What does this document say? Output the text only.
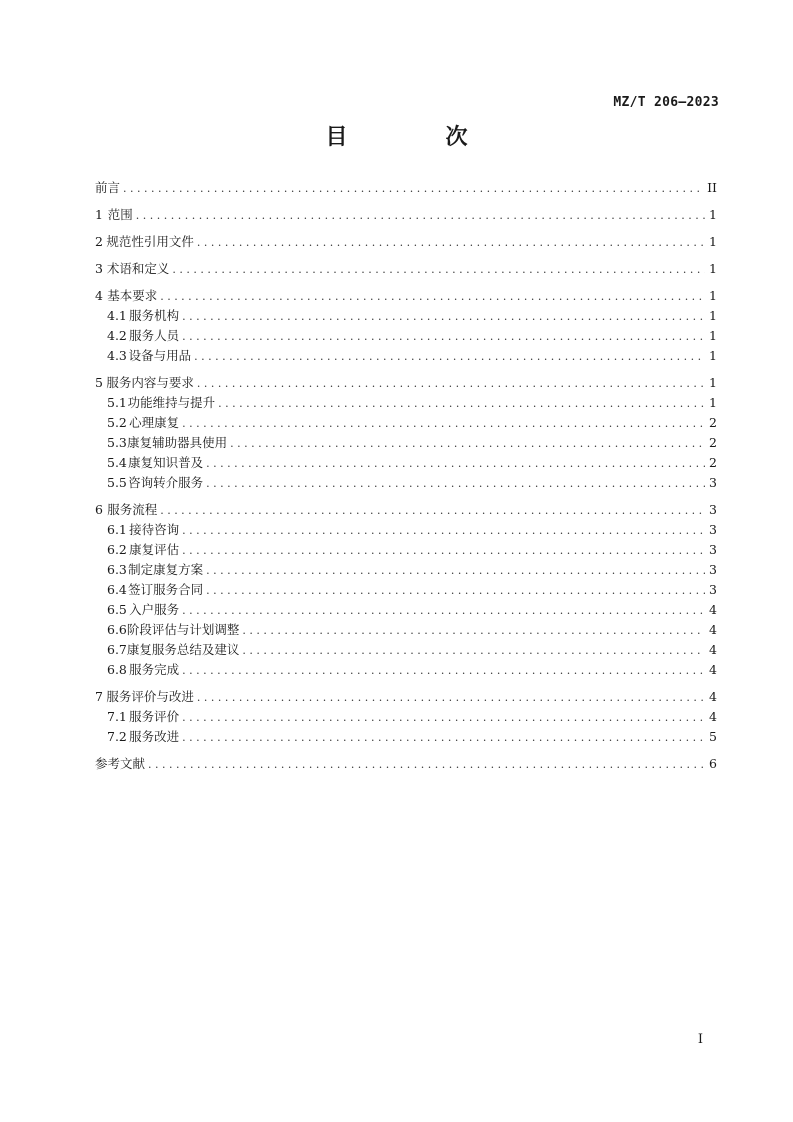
MZ/T 206—2023
目　次
前言 . . .	II
1 范围 . . .	1
2 规范性引用文件 . . .	1
3 术语和定义 . . .	1
4 基本要求 . . .	1
4.1 服务机构 . . .	1
4.2 服务人员 . . .	1
4.3 设备与用品 . . .	1
5 服务内容与要求 . . .	1
5.1 功能维持与提升 . . .	1
5.2 心理康复 . . .	2
5.3 康复辅助器具使用 . . .	2
5.4 康复知识普及 . . .	2
5.5 咨询转介服务 . . .	3
6 服务流程 . . .	3
6.1 接待咨询 . . .	3
6.2 康复评估 . . .	3
6.3 制定康复方案 . . .	3
6.4 签订服务合同 . . .	3
6.5 入户服务 . . .	4
6.6 阶段评估与计划调整 . . .	4
6.7 康复服务总结及建议 . . .	4
6.8 服务完成 . . .	4
7 服务评价与改进 . . .	4
7.1 服务评价 . . .	4
7.2 服务改进 . . .	5
参考文献 . . .	6
I
